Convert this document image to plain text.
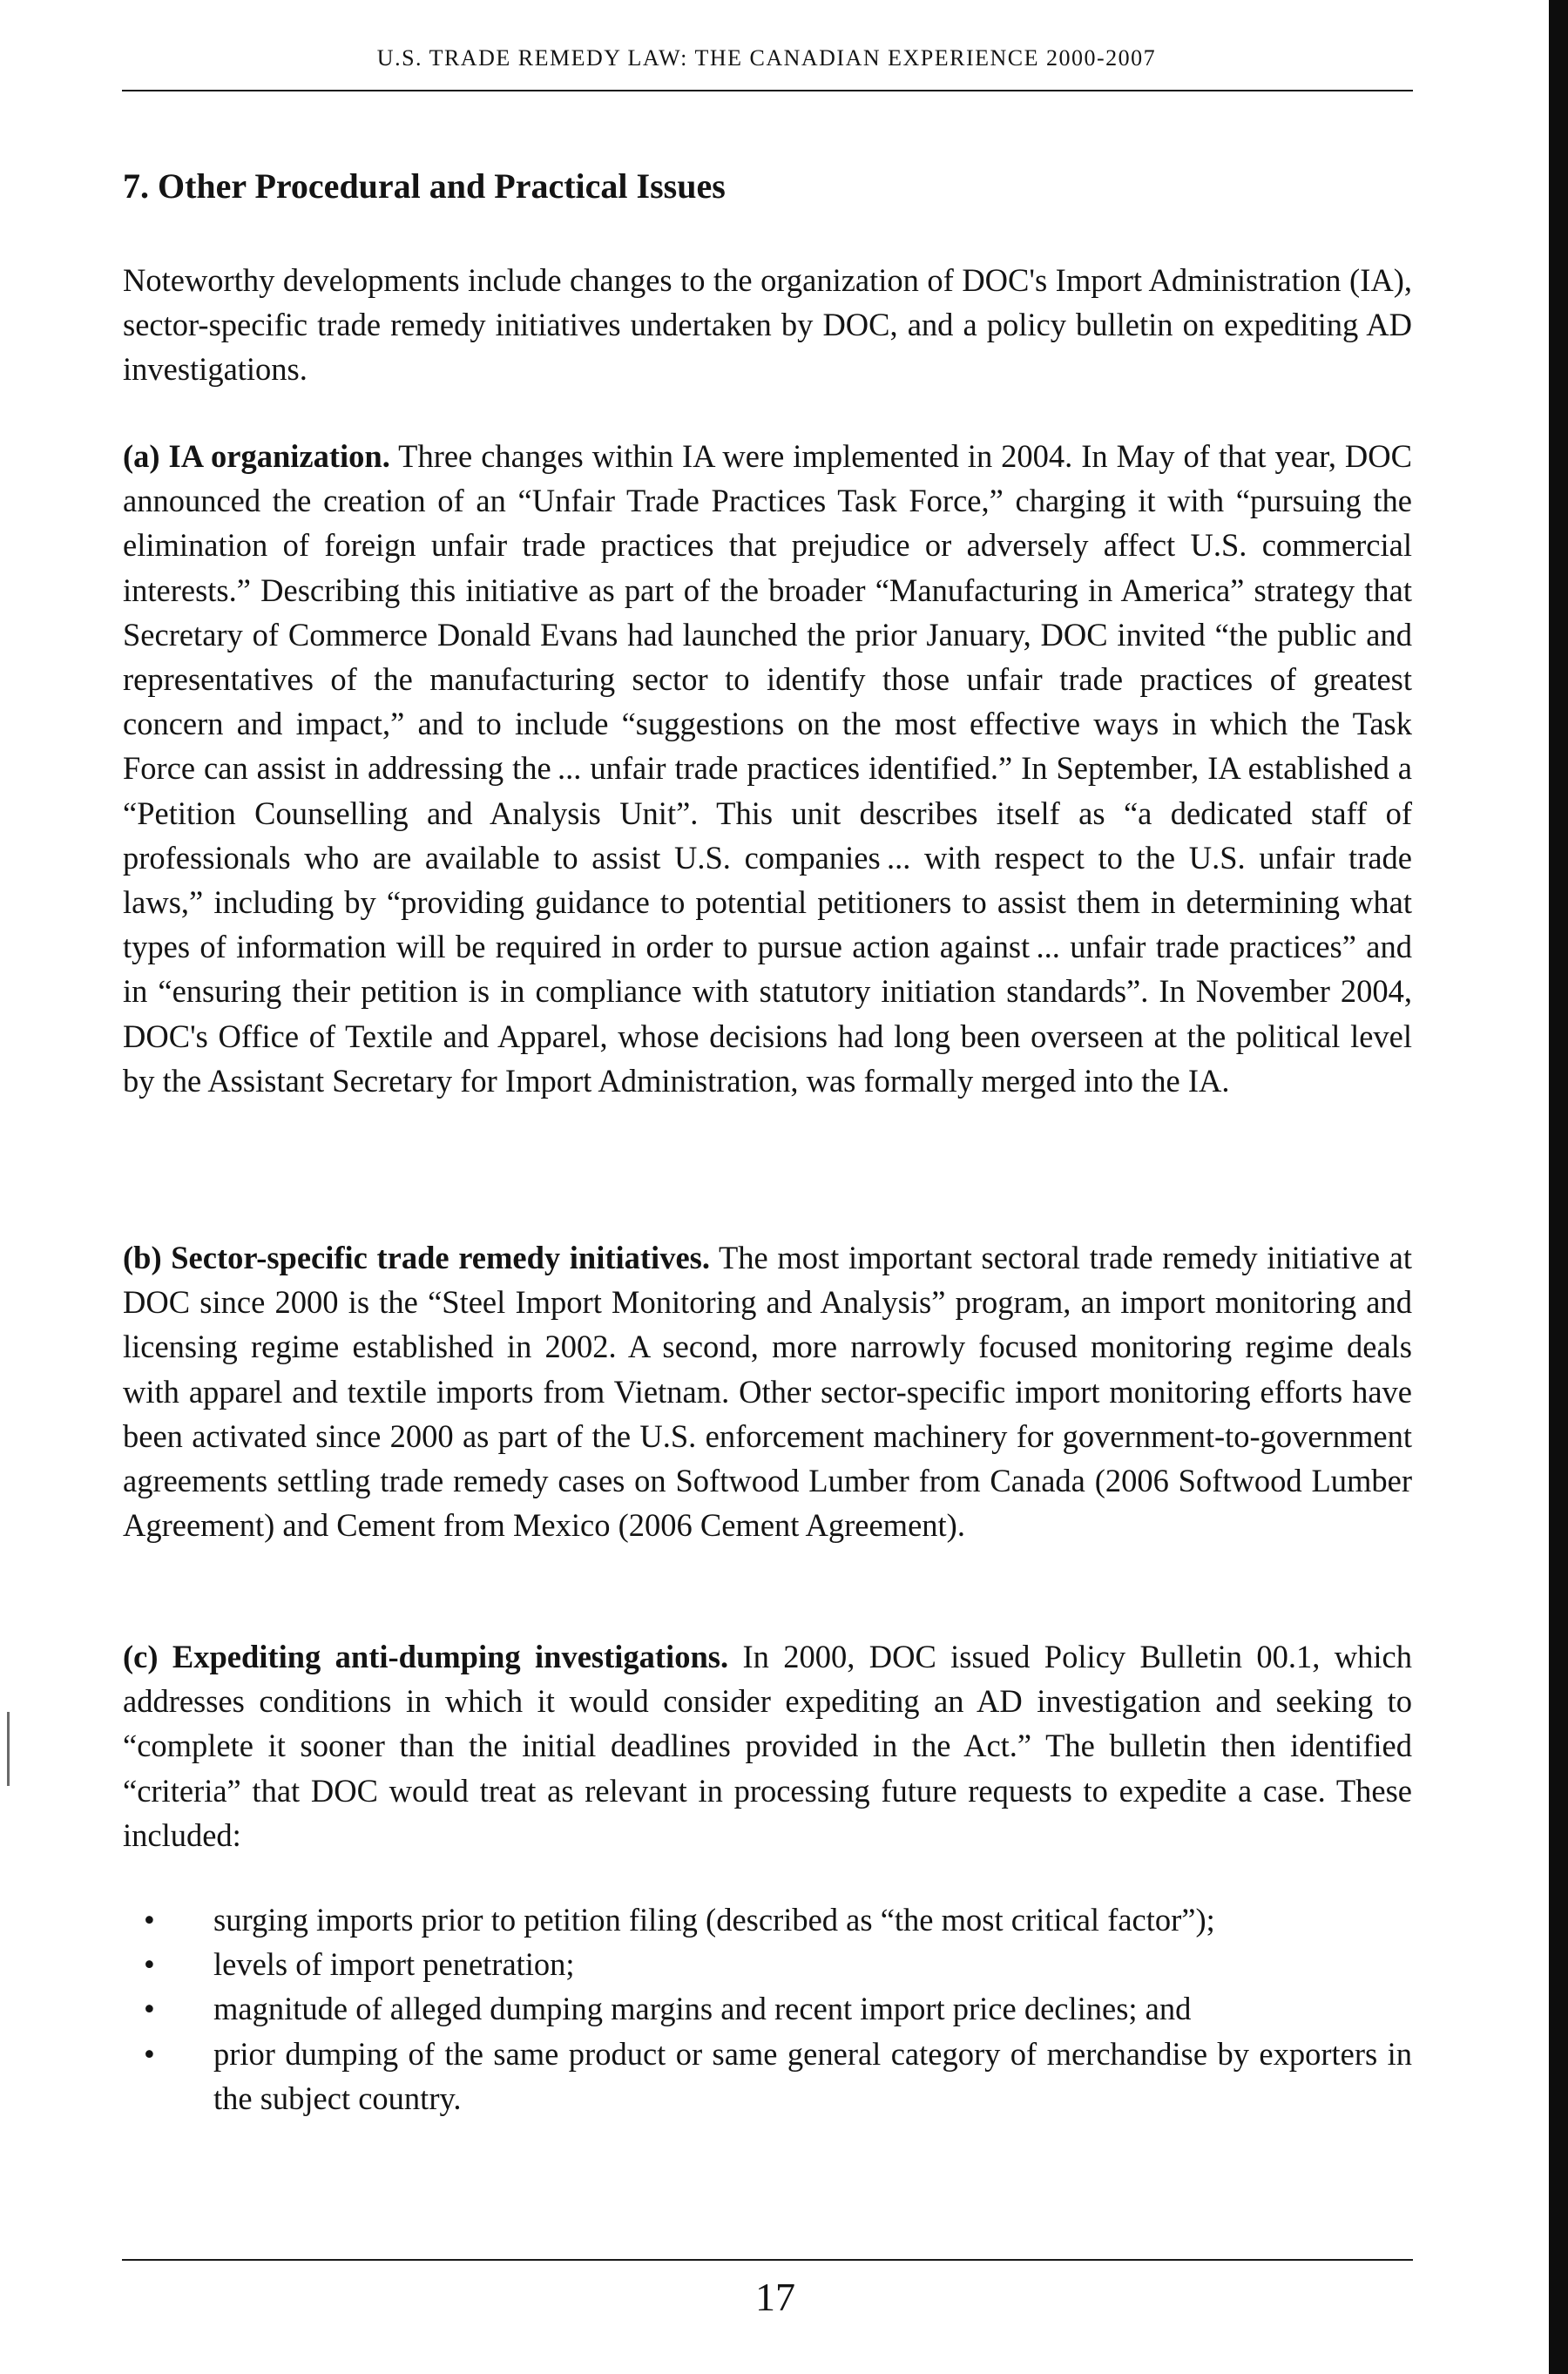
U.S. TRADE REMEDY LAW: THE CANADIAN EXPERIENCE 2000-2007
7. Other Procedural and Practical Issues

Noteworthy developments include changes to the organization of DOC's Import Administration (IA), sector-specific trade remedy initiatives undertaken by DOC, and a policy bulletin on expediting AD investigations.

(a) IA organization. Three changes within IA were implemented in 2004. In May of that year, DOC announced the creation of an “Unfair Trade Practices Task Force,” charging it with “pursuing the elimination of foreign unfair trade practices that prejudice or adversely affect U.S. commercial interests.” Describing this initiative as part of the broader “Manufacturing in America” strategy that Secretary of Commerce Donald Evans had launched the prior January, DOC invited “the public and representatives of the manufacturing sector to identify those unfair trade practices of greatest concern and impact,” and to include “suggestions on the most effective ways in which the Task Force can assist in addressing the ... unfair trade practices identified.” In September, IA established a “Petition Counselling and Analysis Unit”. This unit describes itself as “a dedicated staff of professionals who are available to assist U.S. companies ... with respect to the U.S. unfair trade laws,” including by “providing guidance to potential petitioners to assist them in determining what types of information will be required in order to pursue action against ... unfair trade practices” and in “ensuring their petition is in compliance with statutory initiation standards”. In November 2004, DOC's Office of Textile and Apparel, whose decisions had long been overseen at the political level by the Assistant Secretary for Import Administration, was formally merged into the IA.

(b) Sector-specific trade remedy initiatives. The most important sectoral trade remedy initiative at DOC since 2000 is the “Steel Import Monitoring and Analysis” program, an import monitoring and licensing regime established in 2002. A second, more narrowly focused monitoring regime deals with apparel and textile imports from Vietnam. Other sector-specific import monitoring efforts have been activated since 2000 as part of the U.S. enforcement machinery for government-to-government agreements settling trade remedy cases on Softwood Lumber from Canada (2006 Softwood Lumber Agreement) and Cement from Mexico (2006 Cement Agreement).

(c) Expediting anti-dumping investigations. In 2000, DOC issued Policy Bulletin 00.1, which addresses conditions in which it would consider expediting an AD investigation and seeking to “complete it sooner than the initial deadlines provided in the Act.” The bulletin then identified “criteria” that DOC would treat as relevant in processing future requests to expedite a case. These included:

• surging imports prior to petition filing (described as “the most critical factor”);
• levels of import penetration;
• magnitude of alleged dumping margins and recent import price declines; and
• prior dumping of the same product or same general category of merchandise by exporters in the subject country.
17
